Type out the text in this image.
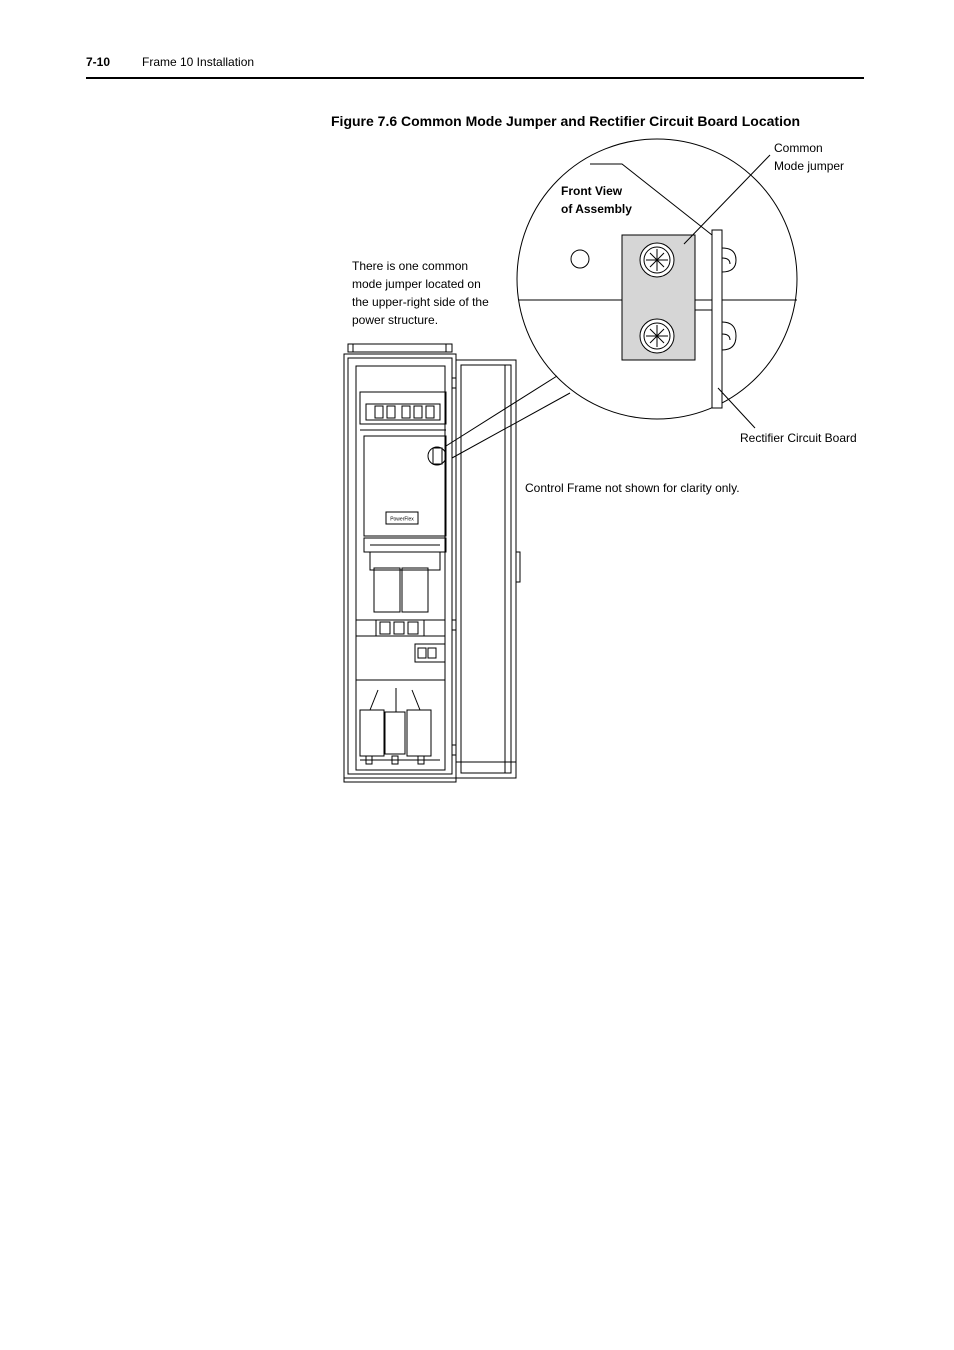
7-10	Frame 10 Installation
Figure 7.6 Common Mode Jumper and Rectifier Circuit Board Location
PowerFlex
Common
Mode jumper
Front View
of Assembly
There is one common
mode jumper located on
the upper-right side of the
power structure.
Rectifier Circuit Board
Control Frame not shown for clarity only.
